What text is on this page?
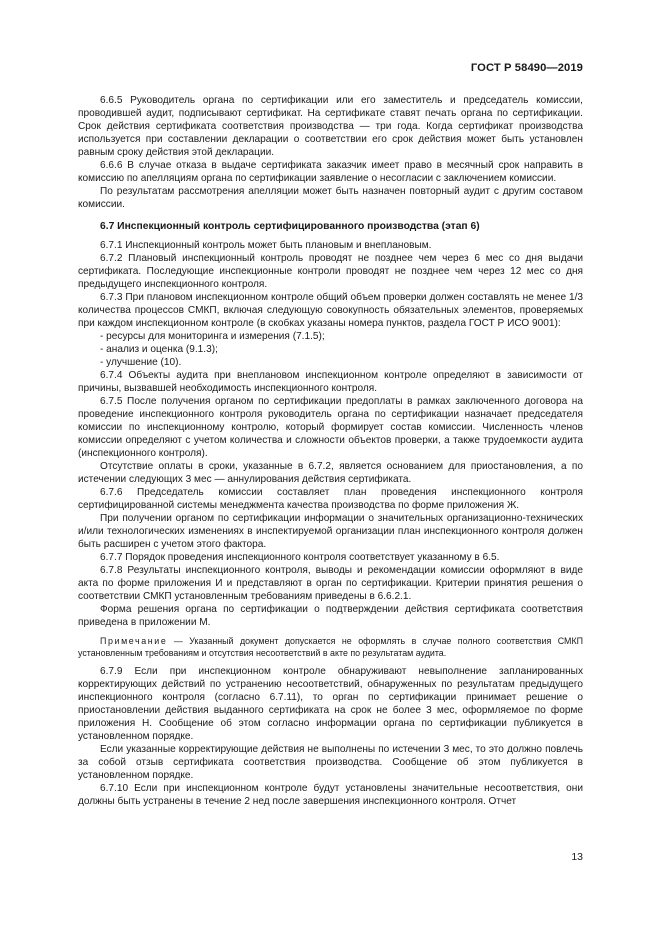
ГОСТ Р 58490—2019

6.6.5 Руководитель органа по сертификации или его заместитель и председатель комиссии, проводившей аудит, подписывают сертификат. На сертификате ставят печать органа по сертификации. Срок действия сертификата соответствия производства — три года. Когда сертификат производства используется при составлении декларации о соответствии его срок действия может быть установлен равным сроку действия этой декларации.

6.6.6 В случае отказа в выдаче сертификата заказчик имеет право в месячный срок направить в комиссию по апелляциям органа по сертификации заявление о несогласии с заключением комиссии.

По результатам рассмотрения апелляции может быть назначен повторный аудит с другим составом комиссии.

6.7 Инспекционный контроль сертифицированного производства (этап 6)

6.7.1 Инспекционный контроль может быть плановым и внеплановым.

6.7.2 Плановый инспекционный контроль проводят не позднее чем через 6 мес со дня выдачи сертификата. Последующие инспекционные контроли проводят не позднее чем через 12 мес со дня предыдущего инспекционного контроля.

6.7.3 При плановом инспекционном контроле общий объем проверки должен составлять не менее 1/3 количества процессов СМКП, включая следующую совокупность обязательных элементов, проверяемых при каждом инспекционном контроле (в скобках указаны номера пунктов, раздела ГОСТ Р ИСО 9001):

- ресурсы для мониторинга и измерения (7.1.5);

- анализ и оценка (9.1.3);

- улучшение (10).

6.7.4 Объекты аудита при внеплановом инспекционном контроле определяют в зависимости от причины, вызвавшей необходимость инспекционного контроля.

6.7.5 После получения органом по сертификации предоплаты в рамках заключенного договора на проведение инспекционного контроля руководитель органа по сертификации назначает председателя комиссии по инспекционному контролю, который формирует состав комиссии. Численность членов комиссии определяют с учетом количества и сложности объектов проверки, а также трудоемкости аудита (инспекционного контроля).

Отсутствие оплаты в сроки, указанные в 6.7.2, является основанием для приостановления, а по истечении следующих 3 мес — аннулирования действия сертификата.

6.7.6 Председатель комиссии составляет план проведения инспекционного контроля сертифицированной системы менеджмента качества производства по форме приложения Ж.

При получении органом по сертификации информации о значительных организационно-технических и/или технологических изменениях в инспектируемой организации план инспекционного контроля должен быть расширен с учетом этого фактора.

6.7.7 Порядок проведения инспекционного контроля соответствует указанному в 6.5.

6.7.8 Результаты инспекционного контроля, выводы и рекомендации комиссии оформляют в виде акта по форме приложения И и представляют в орган по сертификации. Критерии принятия решения о соответствии СМКП установленным требованиям приведены в 6.6.2.1.

Форма решения органа по сертификации о подтверждении действия сертификата соответствия приведена в приложении М.

Примечание — Указанный документ допускается не оформлять в случае полного соответствия СМКП установленным требованиям и отсутствия несоответствий в акте по результатам аудита.

6.7.9 Если при инспекционном контроле обнаруживают невыполнение запланированных корректирующих действий по устранению несоответствий, обнаруженных по результатам предыдущего инспекционного контроля (согласно 6.7.11), то орган по сертификации принимает решение о приостановлении действия выданного сертификата на срок не более 3 мес, оформляемое по форме приложения Н. Сообщение об этом согласно информации органа по сертификации публикуется в установленном порядке.

Если указанные корректирующие действия не выполнены по истечении 3 мес, то это должно повлечь за собой отзыв сертификата соответствия производства. Сообщение об этом публикуется в установленном порядке.

6.7.10 Если при инспекционном контроле будут установлены значительные несоответствия, они должны быть устранены в течение 2 нед после завершения инспекционного контроля. Отчет

13
